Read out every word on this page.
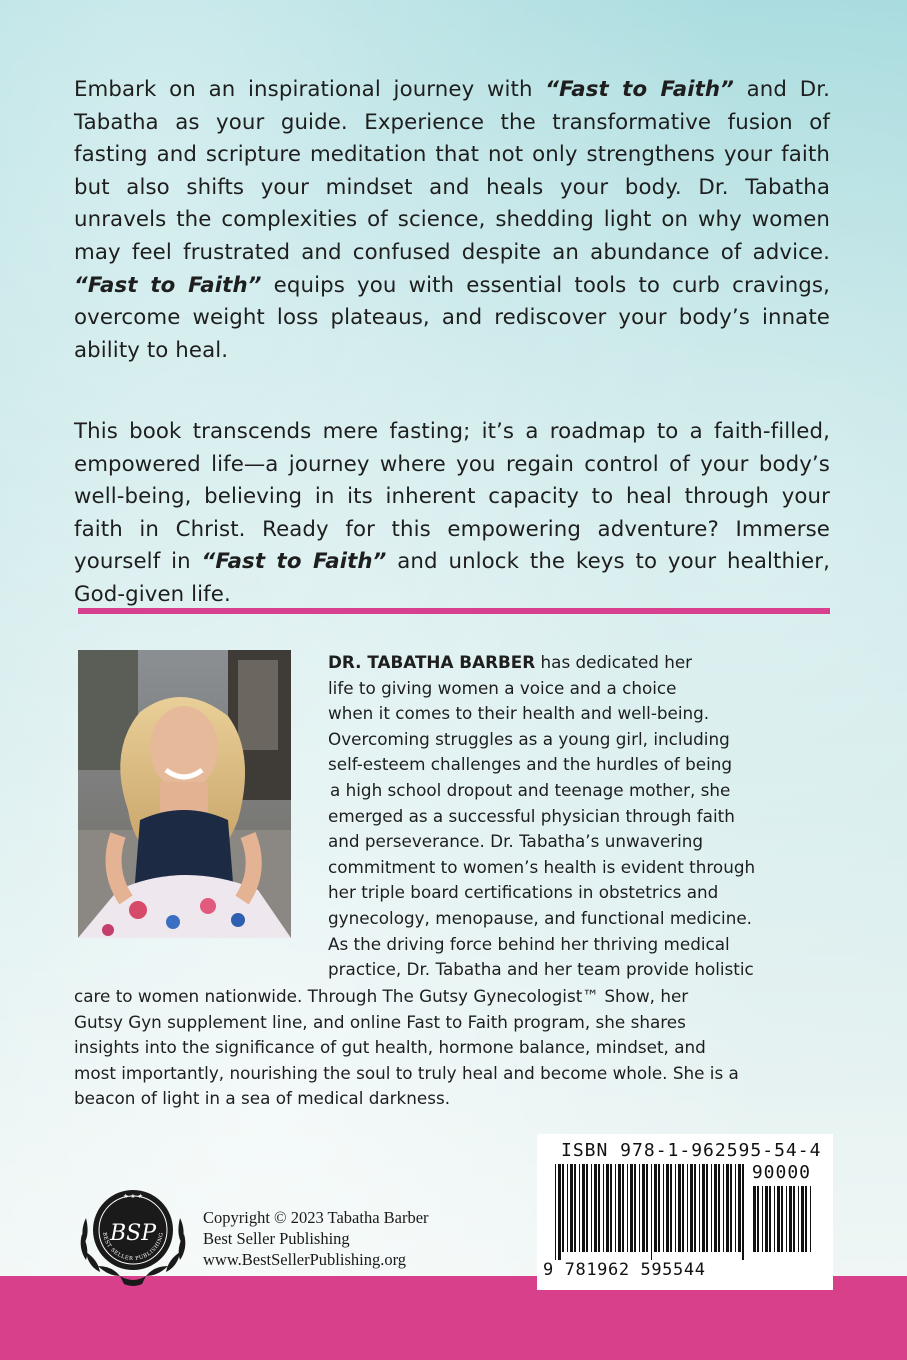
Embark on an inspirational journey with “Fast to Faith” and Dr. Tabatha as your guide. Experience the transformative fusion of fasting and scripture meditation that not only strengthens your faith but also shifts your mindset and heals your body. Dr. Tabatha unravels the complexities of science, shedding light on why women may feel frustrated and confused despite an abundance of advice. “Fast to Faith” equips you with essential tools to curb cravings, overcome weight loss plateaus, and rediscover your body’s innate ability to heal.

This book transcends mere fasting; it’s a roadmap to a faith-filled, empowered life—a journey where you regain control of your body’s well-being, believing in its inherent capacity to heal through your faith in Christ. Ready for this empowering adventure? Immerse yourself in “Fast to Faith” and unlock the keys to your healthier, God-given life.

DR. TABATHA BARBER has dedicated her
life to giving women a voice and a choice
when it comes to their health and well-being.
Overcoming struggles as a young girl, including
self-esteem challenges and the hurdles of being
a high school dropout and teenage mother, she
emerged as a successful physician through faith
and perseverance. Dr. Tabatha’s unwavering
commitment to women’s health is evident through
her triple board certifications in obstetrics and
gynecology, menopause, and functional medicine.
As the driving force behind her thriving medical
practice, Dr. Tabatha and her team provide holistic
care to women nationwide. Through The Gutsy Gynecologist™ Show, her
Gutsy Gyn supplement line, and online Fast to Faith program, she shares
insights into the significance of gut health, hormone balance, mindset, and
most importantly, nourishing the soul to truly heal and become whole. She is a
beacon of light in a sea of medical darkness.
★ ★ ★
BSP
BEST SELLER PUBLISHING
Copyright © 2023 Tabatha Barber
Best Seller Publishing
www.BestSellerPublishing.org
ISBN 978-1-962595-54-4
90000
9 781962 595544
